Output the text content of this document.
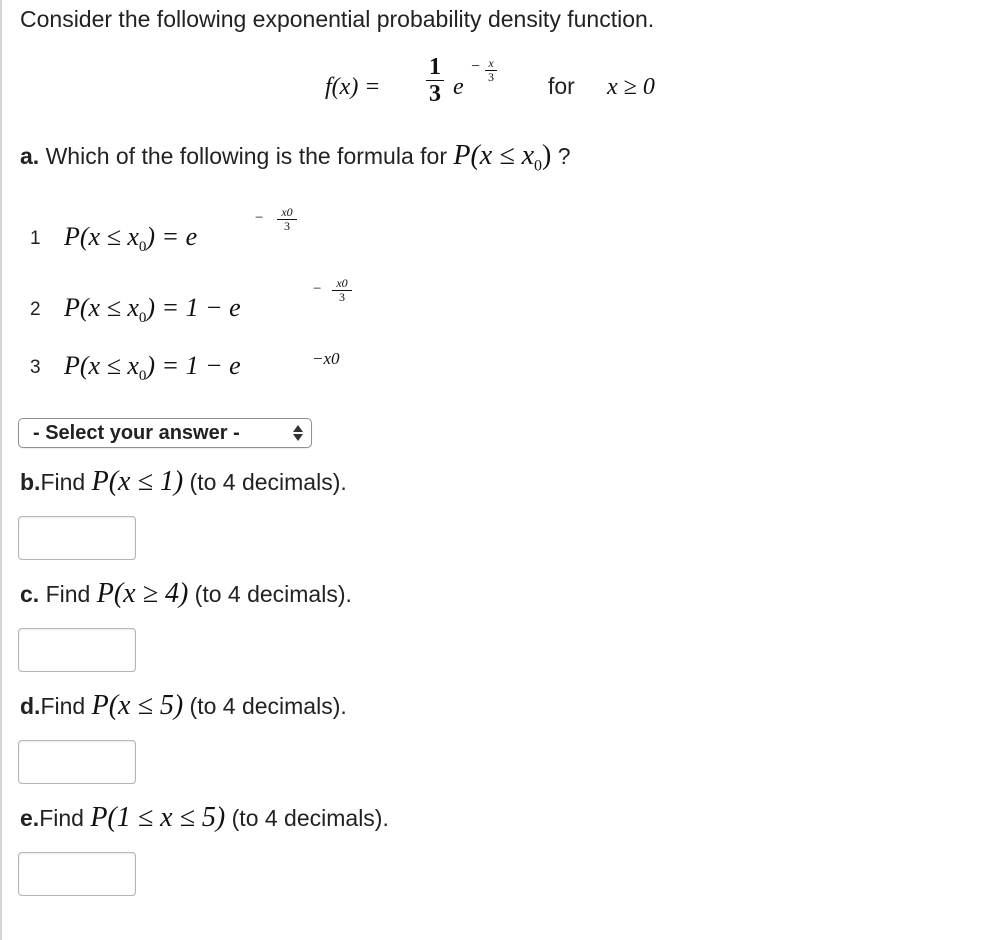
Consider the following exponential probability density function.
f(x) =
1
3 e
− x
3 for x ≥ 0
a. Which of the following is the formula for $P(x \le x_0)$ ?
1 $P(x \le x_0) = e$
−	x0
3
2 $P(x \le x_0) = 1 - e$
−	x0
3
3 $P(x \le x_0) = 1 - e$	−x0
- Select your answer -
b.Find P(x ≤ 1) (to 4 decimals).
c. Find P(x ≥ 4) (to 4 decimals).
d.Find P(x ≤ 5) (to 4 decimals).
e.Find P(1 ≤ x ≤ 5) (to 4 decimals).
